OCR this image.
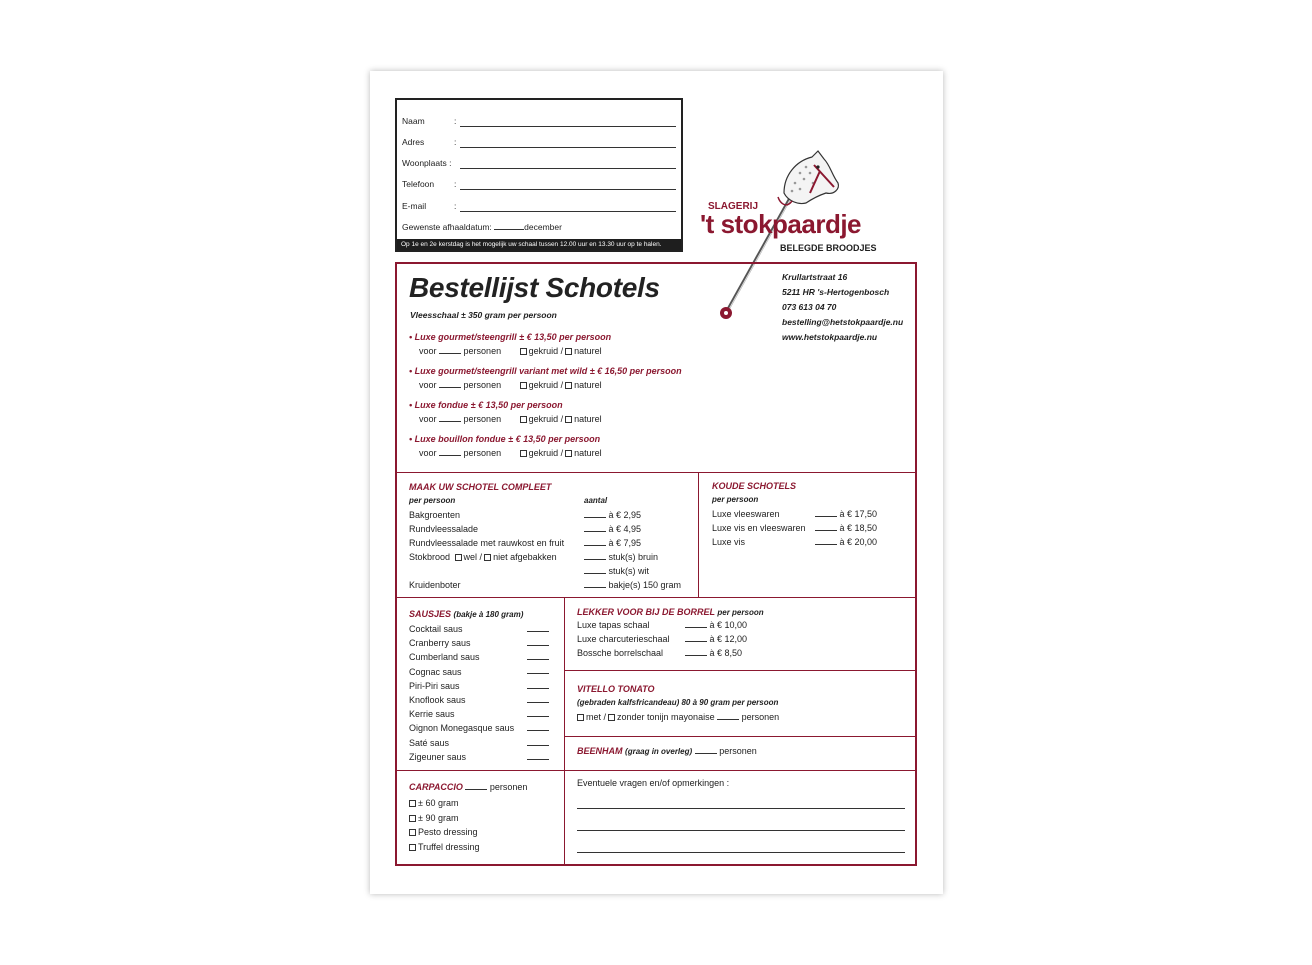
Naam	:
Adres	:
Woonplaats :
Telefoon :
E-mail	:
Gewenste afhaaldatum:	december
Op 1e en 2e kerstdag is het mogelijk uw schaal tussen 12.00 uur en 13.30 uur op te halen.
SLAGERIJ
't stokpaardje
BELEGDE BROODJES
Bestellijst Schotels
Vleesschaal ± 350 gram per persoon
Krullartstraat 16
5211 HR 's-Hertogenbosch
073 613 04 70
bestelling@hetstokpaardje.nu
www.hetstokpaardje.nu
• Luxe gourmet/steengrill ± € 13,50 per persoon
voor	personen	gekruid / naturel
• Luxe gourmet/steengrill variant met wild ± € 16,50 per persoon
voor	personen	gekruid / naturel
• Luxe fondue ± € 13,50 per persoon
voor	personen	gekruid / naturel
• Luxe bouillon fondue ± € 13,50 per persoon
voor	personen	gekruid / naturel
MAAK UW SCHOTEL COMPLEET
per persoon	aantal
Bakgroenten	à € 2,95
Rundvleessalade	à € 4,95
Rundvleessalade met rauwkost en fruit	à € 7,95
Stokbrood wel / niet afgebakken	stuk(s) bruin
stuk(s) wit
Kruidenboter	bakje(s) 150 gram
KOUDE SCHOTELS
per persoon
Luxe vleeswaren	à € 17,50
Luxe vis en vleeswaren	à € 18,50
Luxe vis	à € 20,00
SAUSJES (bakje à 180 gram)
Cocktail saus
Cranberry saus
Cumberland saus
Cognac saus
Piri-Piri saus
Knoflook saus
Kerrie saus
Oignon Monegasque saus
Saté saus
Zigeuner saus
LEKKER VOOR BIJ DE BORREL per persoon
Luxe tapas schaal	à € 10,00
Luxe charcuterieschaal	à € 12,00
Bossche borrelschaal	à € 8,50
VITELLO TONATO
(gebraden kalfsfricandeau) 80 à 90 gram per persoon
met / zonder tonijn mayonaise	personen
BEENHAM (graag in overleg)	personen
CARPACCIO	personen
± 60 gram
± 90 gram
Pesto dressing
Truffel dressing
Eventuele vragen en/of opmerkingen :
